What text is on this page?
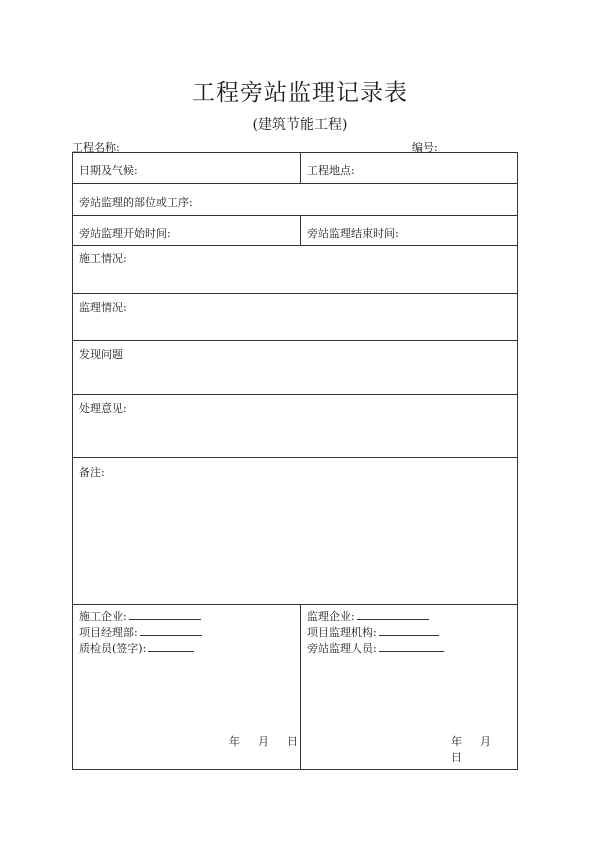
工程旁站监理记录表
(建筑节能工程)
工程名称:	编号:
日期及气候:	工程地点:
旁站监理的部位或工序:
旁站监理开始时间:	旁站监理结束时间:
施工情况:
监理情况:
发现问题
处理意见:
备注:
施工企业:
项目经理部:
质检员(签字):
年 月 日
监理企业:
项目监理机构:
旁站监理人员:
年 月日
